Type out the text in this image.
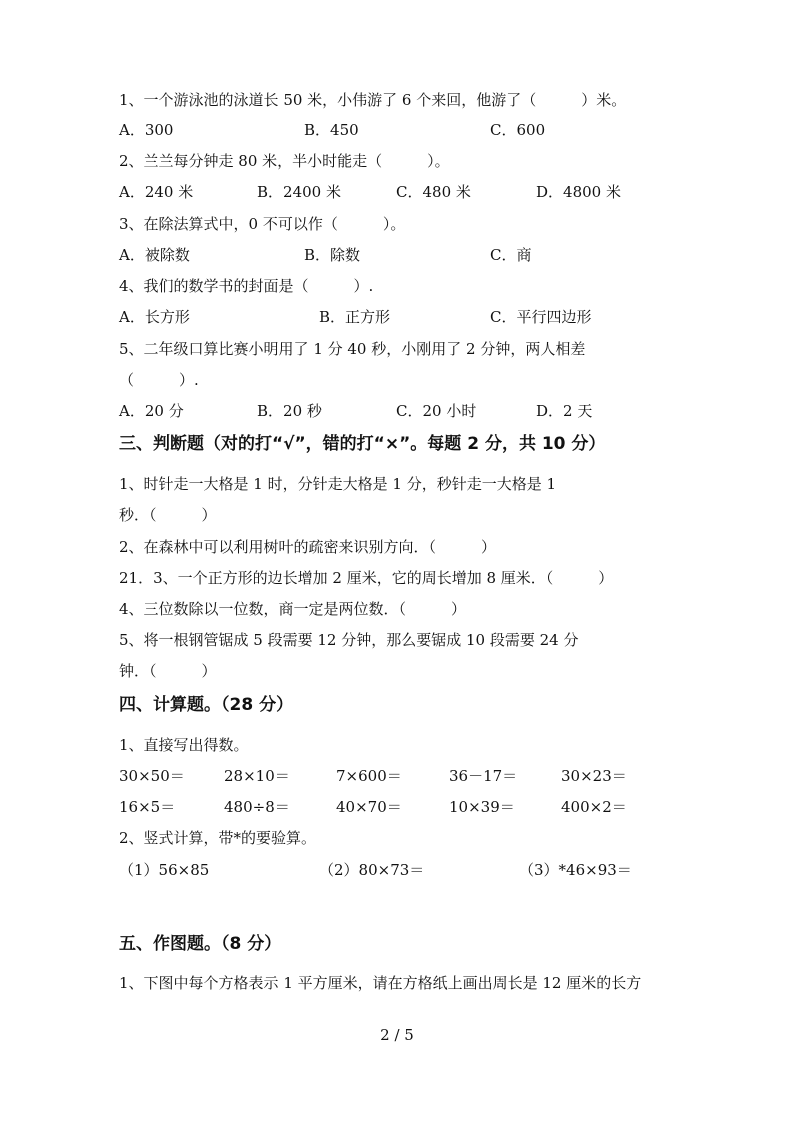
1、一个游泳池的泳道长 50 米，小伟游了 6 个来回，他游了（　　　）米。
A．300	B．450	C．600
2、兰兰每分钟走 80 米，半小时能走（　　　）。
A．240 米	B．2400 米	C．480 米	D．4800 米
3、在除法算式中，0 不可以作（　　　）。
A．被除数	B．除数	C．商
4、我们的数学书的封面是（　　　）.
A．长方形	B．正方形	C．平行四边形
5、二年级口算比赛小明用了 1 分 40 秒，小刚用了 2 分钟，两人相差
（　　　）.
A．20 分	B．20 秒	C．20 小时	D．2 天
三、判断题（对的打“√”，错的打“×”。每题 2 分，共 10 分）
1、时针走一大格是 1 时，分针走大格是 1 分，秒针走一大格是 1
秒．（　　　）
2、在森林中可以利用树叶的疏密来识别方向．（　　　）
21．3、一个正方形的边长增加 2 厘米，它的周长增加 8 厘米．（　　　）
4、三位数除以一位数，商一定是两位数．（　　　）
5、将一根钢管锯成 5 段需要 12 分钟，那么要锯成 10 段需要 24 分
钟．（　　　）
四、计算题。（28 分）
1、直接写出得数。
30×50＝	28×10＝	7×600＝	36－17＝	30×23＝
16×5＝	480÷8＝	40×70＝	10×39＝	400×2＝
2、竖式计算，带*的要验算。
（1）56×85	（2）80×73＝	（3）*46×93＝
五、作图题。（8 分）
1、下图中每个方格表示 1 平方厘米，请在方格纸上画出周长是 12 厘米的长方
2 / 5
